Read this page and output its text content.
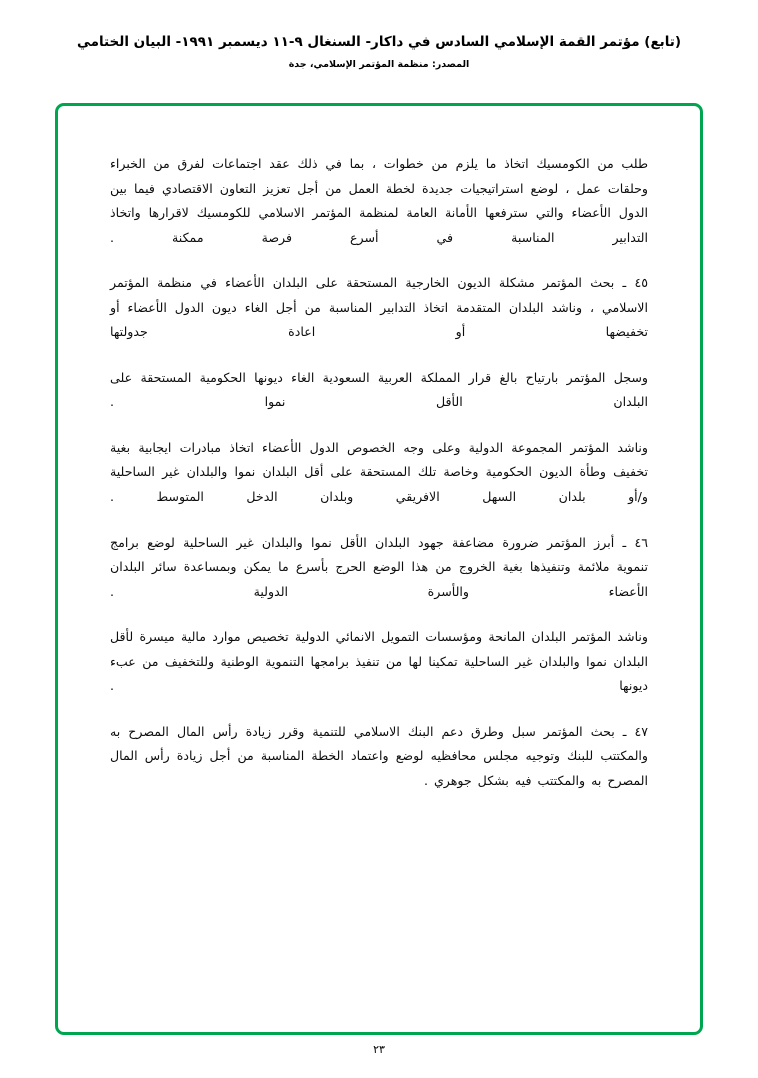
(تابع) مؤتمر القمة الإسلامي السادس في داكار- السنغال ٩-١١ ديسمبر ١٩٩١- البيان الختامي
المصدر: منظمة المؤتمر الإسلامي، جدة
طلب من الكومسيك اتخاذ ما يلزم من خطوات ، بما في ذلك عقد اجتماعات لفرق من الخبراء وحلقات عمل ، لوضع استراتيجيات جديدة لخطة العمل من أجل تعزيز التعاون الاقتصادي فيما بين الدول الأعضاء والتي سترفعها الأمانة العامة لمنظمة المؤتمر الاسلامي للكومسيك لاقرارها واتخاذ التدابير المناسبة في أسرع فرصة ممكنة .
٤٥ ـ بحث المؤتمر مشكلة الديون الخارجية المستحقة على البلدان الأعضاء في منظمة المؤتمر الاسلامي ، وناشد البلدان المتقدمة اتخاذ التدابير المناسبة من أجل الغاء ديون الدول الأعضاء أو تخفيضها أو اعادة جدولتها
وسجل المؤتمر بارتياح بالغ قرار المملكة العربية السعودية الغاء ديونها الحكومية المستحقة على البلدان الأقل نموا .
وناشد المؤتمر المجموعة الدولية وعلى وجه الخصوص الدول الأعضاء اتخاذ مبادرات ايجابية بغية تخفيف وطأة الديون الحكومية وخاصة تلك المستحقة على أقل البلدان نموا والبلدان غير الساحلية و/أو بلدان السهل الافريقي وبلدان الدخل المتوسط .
٤٦ ـ أبرز المؤتمر ضرورة مضاعفة جهود البلدان الأقل نموا والبلدان غير الساحلية لوضع برامج تنموية ملائمة وتنفيذها بغية الخروج من هذا الوضع الحرج بأسرع ما يمكن وبمساعدة سائر البلدان الأعضاء والأسرة الدولية .
وناشد المؤتمر البلدان المانحة ومؤسسات التمويل الانمائي الدولية تخصيص موارد مالية ميسرة لأقل البلدان نموا والبلدان غير الساحلية تمكينا لها من تنفيذ برامجها التنموية الوطنية وللتخفيف من عبء ديونها .
٤٧ ـ بحث المؤتمر سبل وطرق دعم البنك الاسلامي للتنمية وقرر زيادة رأس المال المصرح به والمكتتب للبنك وتوجيه مجلس محافظيه لوضع واعتماد الخطة المناسبة من أجل زيادة رأس المال المصرح به والمكتتب فيه بشكل جوهري .
٢٣
